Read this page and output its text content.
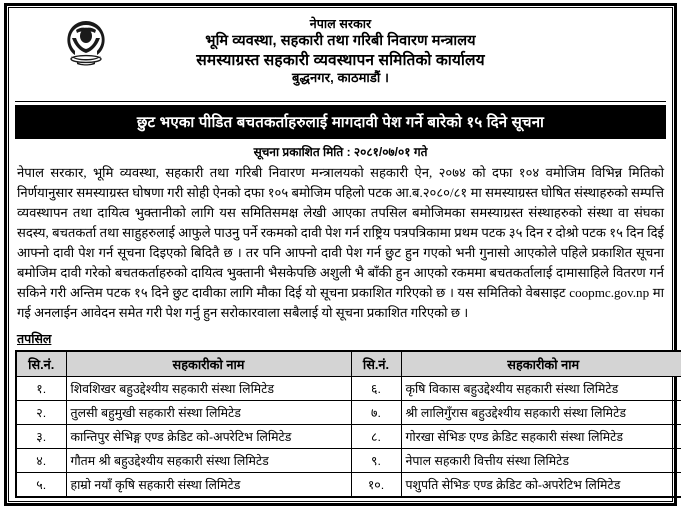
नेपाल सरकार
भूमि व्यवस्था, सहकारी तथा गरिबी निवारण मन्त्रालय
समस्याग्रस्त सहकारी व्यवस्थापन समितिको कार्यालय
बुद्धनगर, काठमाडौं ।
छुट भएका पीडित बचतकर्ताहरुलाई मागदावी पेश गर्ने बारेको १५ दिने सूचना
सूचना प्रकाशित मिति : २०८१/०७/०१ गते
नेपाल सरकार, भूमि व्यवस्था, सहकारी तथा गरिबी निवारण मन्त्रालयको सहकारी ऐन, २०७४ को दफा १०४ वमोजिम विभिन्न मितिको निर्णयानुसार समस्याग्रस्त घोषणा गरी सोही ऐनको दफा १०५ बमोजिम पहिलो पटक आ.ब.२०८०/८१ मा समस्याग्रस्त घोषित संस्थाहरुको सम्पत्ति व्यवस्थापन तथा दायित्व भुक्तानीको लागि यस समितिसमक्ष लेखी आएका तपसिल बमोजिमका समस्याग्रस्त संस्थाहरुको संस्था वा संघका सदस्य, बचतकर्ता तथा साहुहरुलाई आफुले पाउनु पर्ने रकमको दावी पेश गर्न राष्ट्रिय पत्रपत्रिकामा प्रथम पटक ३५ दिन र दोश्रो पटक १५ दिन दिई आफ्नो दावी पेश गर्न सूचना दिइएको बिदितै छ । तर पनि आफ्नो दावी पेश गर्न छुट हुन गएको भनी गुनासो आएकोले पहिले प्रकाशित सूचना बमोजिम दावी गरेको बचतकर्ताहरुको दायित्व भुक्तानी भैसकेपछि अशुली भै बाँकी हुन आएको रकममा बचतकर्तालाई दामासाहिले वितरण गर्न सकिने गरी अन्तिम पटक १५ दिने छुट दावीका लागि मौका दिई यो सूचना प्रकाशित गरिएको छ । यस समितिको वेबसाइट coopmc.gov.np मा गई अनलाईन आवेदन समेत गरी पेश गर्नु हुन सरोकारवाला सबैलाई यो सूचना प्रकाशित गरिएको छ ।
तपसिल
सि.नं.	सहकारीको नाम	सि.नं.	सहकारीको नाम
१.	शिवशिखर बहुउद्देश्यीय सहकारी संस्था लिमिटेड	६.	कृषि विकास बहुउद्देश्यीय सहकारी संस्था लिमिटेड
२.	तुलसी बहुमुखी सहकारी संस्था लिमिटेड	७.	श्री लालिगुँरास बहुउद्देश्यीय सहकारी संस्था लिमिटेड
३.	कान्तिपुर सेभिङ्ग एण्ड क्रेडिट को-अपरेटिभ लिमिटेड	८.	गोरखा सेभिङ एण्ड क्रेडिट सहकारी संस्था लिमिटेड
४.	गौतम श्री बहुउद्देश्यीय सहकारी संस्था लिमिटेड	९.	नेपाल सहकारी वित्तीय संस्था लिमिटेड
५.	हाम्रो नयाँ कृषि सहकारी संस्था लिमिटेड	१०.	पशुपति सेभिङ एण्ड क्रेडिट को-अपरेटिभ लिमिटेड
